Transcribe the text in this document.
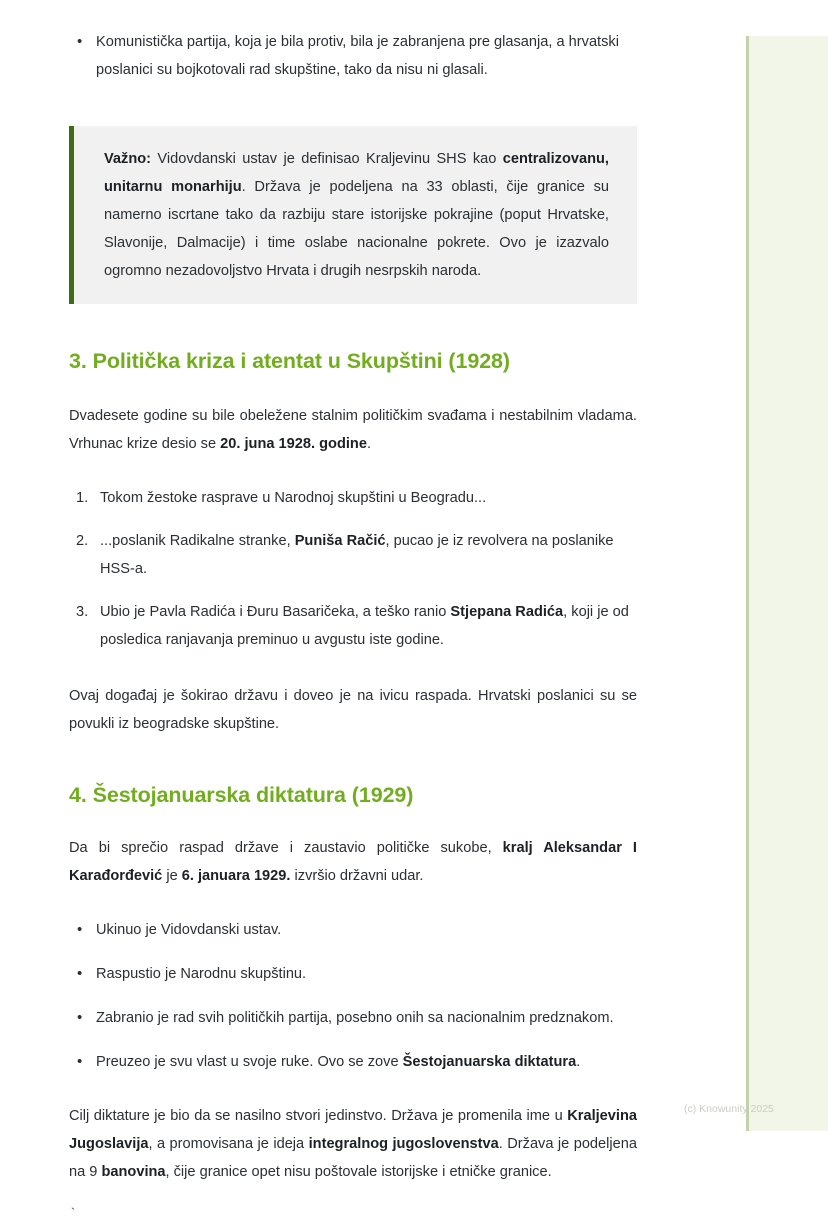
• Komunistička partija, koja je bila protiv, bila je zabranjena pre glasanja, a hrvatski poslanici su bojkotovali rad skupštine, tako da nisu ni glasali.

Važno: Vidovdanski ustav je definisao Kraljevinu SHS kao centralizovanu, unitarnu monarhiju. Država je podeljena na 33 oblasti, čije granice su namerno iscrtane tako da razbiju stare istorijske pokrajine (poput Hrvatske, Slavonije, Dalmacije) i time oslabe nacionalne pokrete. Ovo je izazvalo ogromno nezadovoljstvo Hrvata i drugih nesrpskih naroda.

3. Politička kriza i atentat u Skupštini (1928)

Dvadesete godine su bile obeležene stalnim političkim svađama i nestabilnim vladama. Vrhunac krize desio se 20. juna 1928. godine.

Tokom žestoke rasprave u Narodnoj skupštini u Beogradu...
...poslanik Radikalne stranke, Puniša Račić, pucao je iz revolvera na poslanike HSS-a.
Ubio je Pavla Radića i Đuru Basaričeka, a teško ranio Stjepana Radića, koji je od posledica ranjavanja preminuo u avgustu iste godine.

Ovaj događaj je šokirao državu i doveo je na ivicu raspada. Hrvatski poslanici su se povukli iz beogradske skupštine.

4. Šestojanuarska diktatura (1929)

Da bi sprečio raspad države i zaustavio političke sukobe, kralj Aleksandar I Karađorđević je 6. januara 1929. izvršio državni udar.

• Ukinuo je Vidovdanski ustav.
• Raspustio je Narodnu skupštinu.
• Zabranio je rad svih političkih partija, posebno onih sa nacionalnim predznakom.
• Preuzeo je svu vlast u svoje ruke. Ovo se zove Šestojanuarska diktatura.

Cilj diktature je bio da se nasilno stvori jedinstvo. Država je promenila ime u Kraljevina Jugoslavija, a promovisana je ideja integralnog jugoslovenstva. Država je podeljena na 9 banovina, čije granice opet nisu poštovale istorijske i etničke granice.

`
(c) Knowunity 2025
